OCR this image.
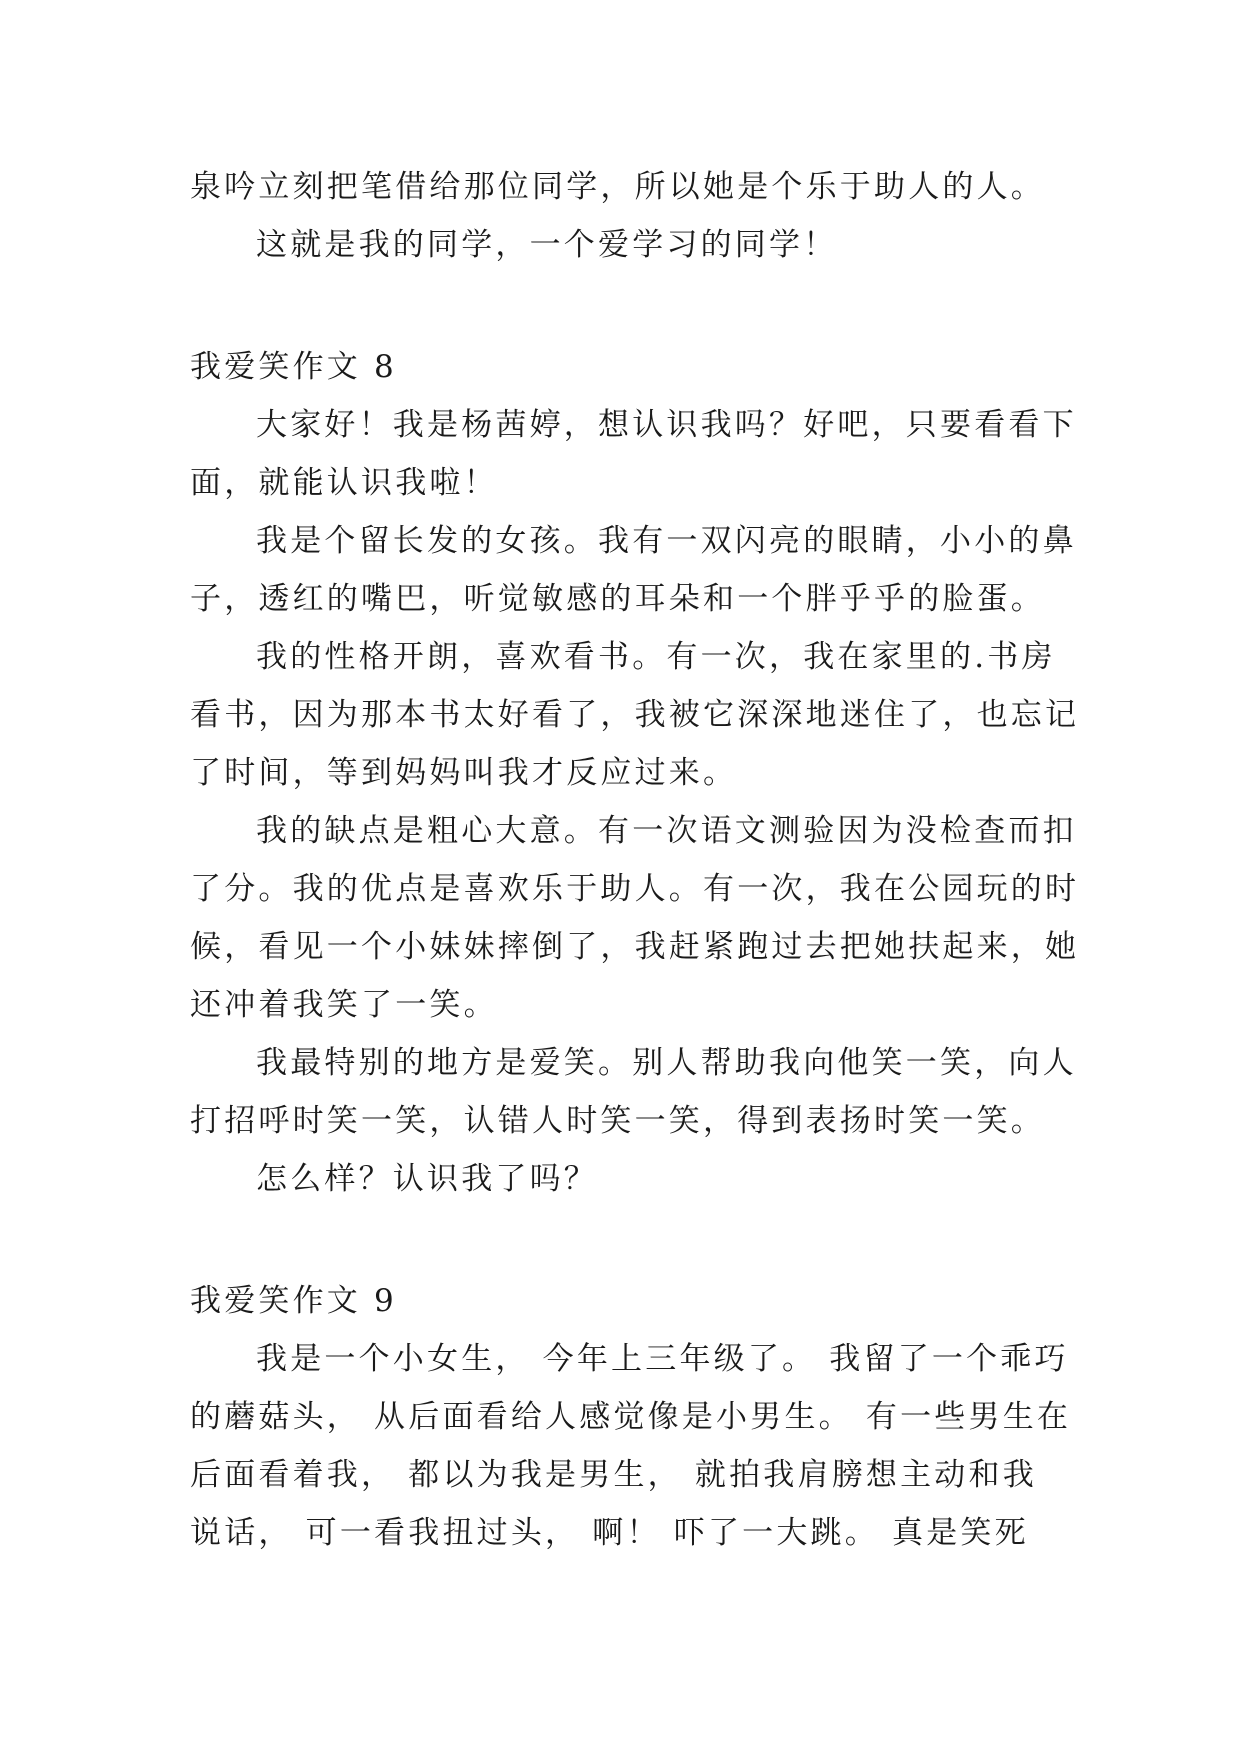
泉吟立刻把笔借给那位同学，所以她是个乐于助人的人。
这就是我的同学，一个爱学习的同学！
我爱笑作文 8
大家好！我是杨茜婷，想认识我吗？好吧，只要看看下
面，就能认识我啦！
我是个留长发的女孩。我有一双闪亮的眼睛，小小的鼻
子，透红的嘴巴，听觉敏感的耳朵和一个胖乎乎的脸蛋。
我的性格开朗，喜欢看书。有一次，我在家里的.书房
看书，因为那本书太好看了，我被它深深地迷住了，也忘记
了时间，等到妈妈叫我才反应过来。
我的缺点是粗心大意。有一次语文测验因为没检查而扣
了分。我的优点是喜欢乐于助人。有一次，我在公园玩的时
候，看见一个小妹妹摔倒了，我赶紧跑过去把她扶起来，她
还冲着我笑了一笑。
我最特别的地方是爱笑。别人帮助我向他笑一笑，向人
打招呼时笑一笑，认错人时笑一笑，得到表扬时笑一笑。
怎么样？认识我了吗？
我爱笑作文 9
我是一个小女生， 今年上三年级了。 我留了一个乖巧
的蘑菇头， 从后面看给人感觉像是小男生。 有一些男生在
后面看着我， 都以为我是男生， 就拍我肩膀想主动和我
说话， 可一看我扭过头， 啊！ 吓了一大跳。 真是笑死
